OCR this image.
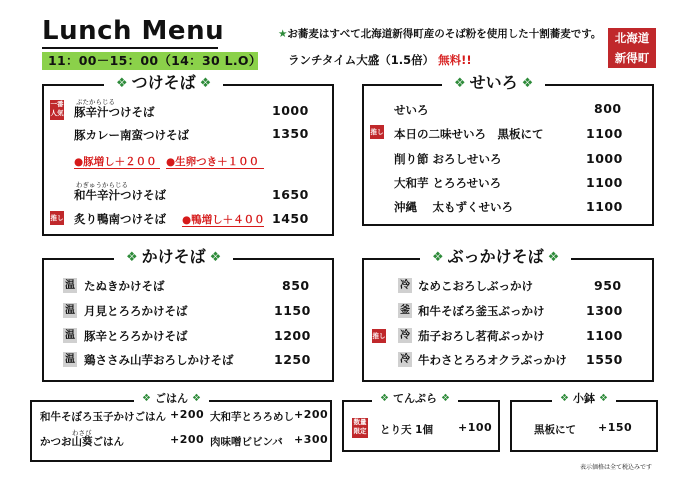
Lunch Menu
11：00－15：00（14：30 L.O）
★お蕎麦はすべて北海道新得町産のそば粉を使用した十割蕎麦です。
ランチタイム大盛（1.5倍） 無料!!
北海道
新得町
❖ つけそば ❖
一番
人気
ぶたからじる
豚辛汁つけそば	1000
豚カレー南蛮つけそば	1350
●豚増し＋２００ ●生卵つき＋１００
わぎゅうからじる
和牛辛汁つけそば	1650
推し 炙り鴨南つけそば ●鴨増し＋４００ 1450
❖ せいろ ❖
せいろ	800
推し 本日の二味せいろ　黒板にて	1100
削り節 おろしせいろ	1000
大和芋 とろろせいろ	1100
沖縄　 太もずくせいろ	1100
❖ かけそば ❖
温 たぬきかけそば	850
温 月見とろろかけそば	1150
温 豚辛とろろかけそば	1200
温 鶏ささみ山芋おろしかけそば	1250
❖ ぶっかけそば ❖
冷 なめこおろしぶっかけ	950
釜 和牛そぼろ釜玉ぶっかけ	1300
推し 冷 茄子おろし茗荷ぶっかけ	1100
冷 牛わさとろろオクラぶっかけ 1550
❖ ごはん ❖
和牛そぼろ玉子かけごはん +200 大和芋とろろめし +200
わさび
かつお山葵ごはん	+200 肉味噌ビビンバ +300
❖ てんぷら ❖
数量
限定 とり天 1個 +100
❖ 小鉢 ❖
黒板にて +150
表示価格は全て税込みです
